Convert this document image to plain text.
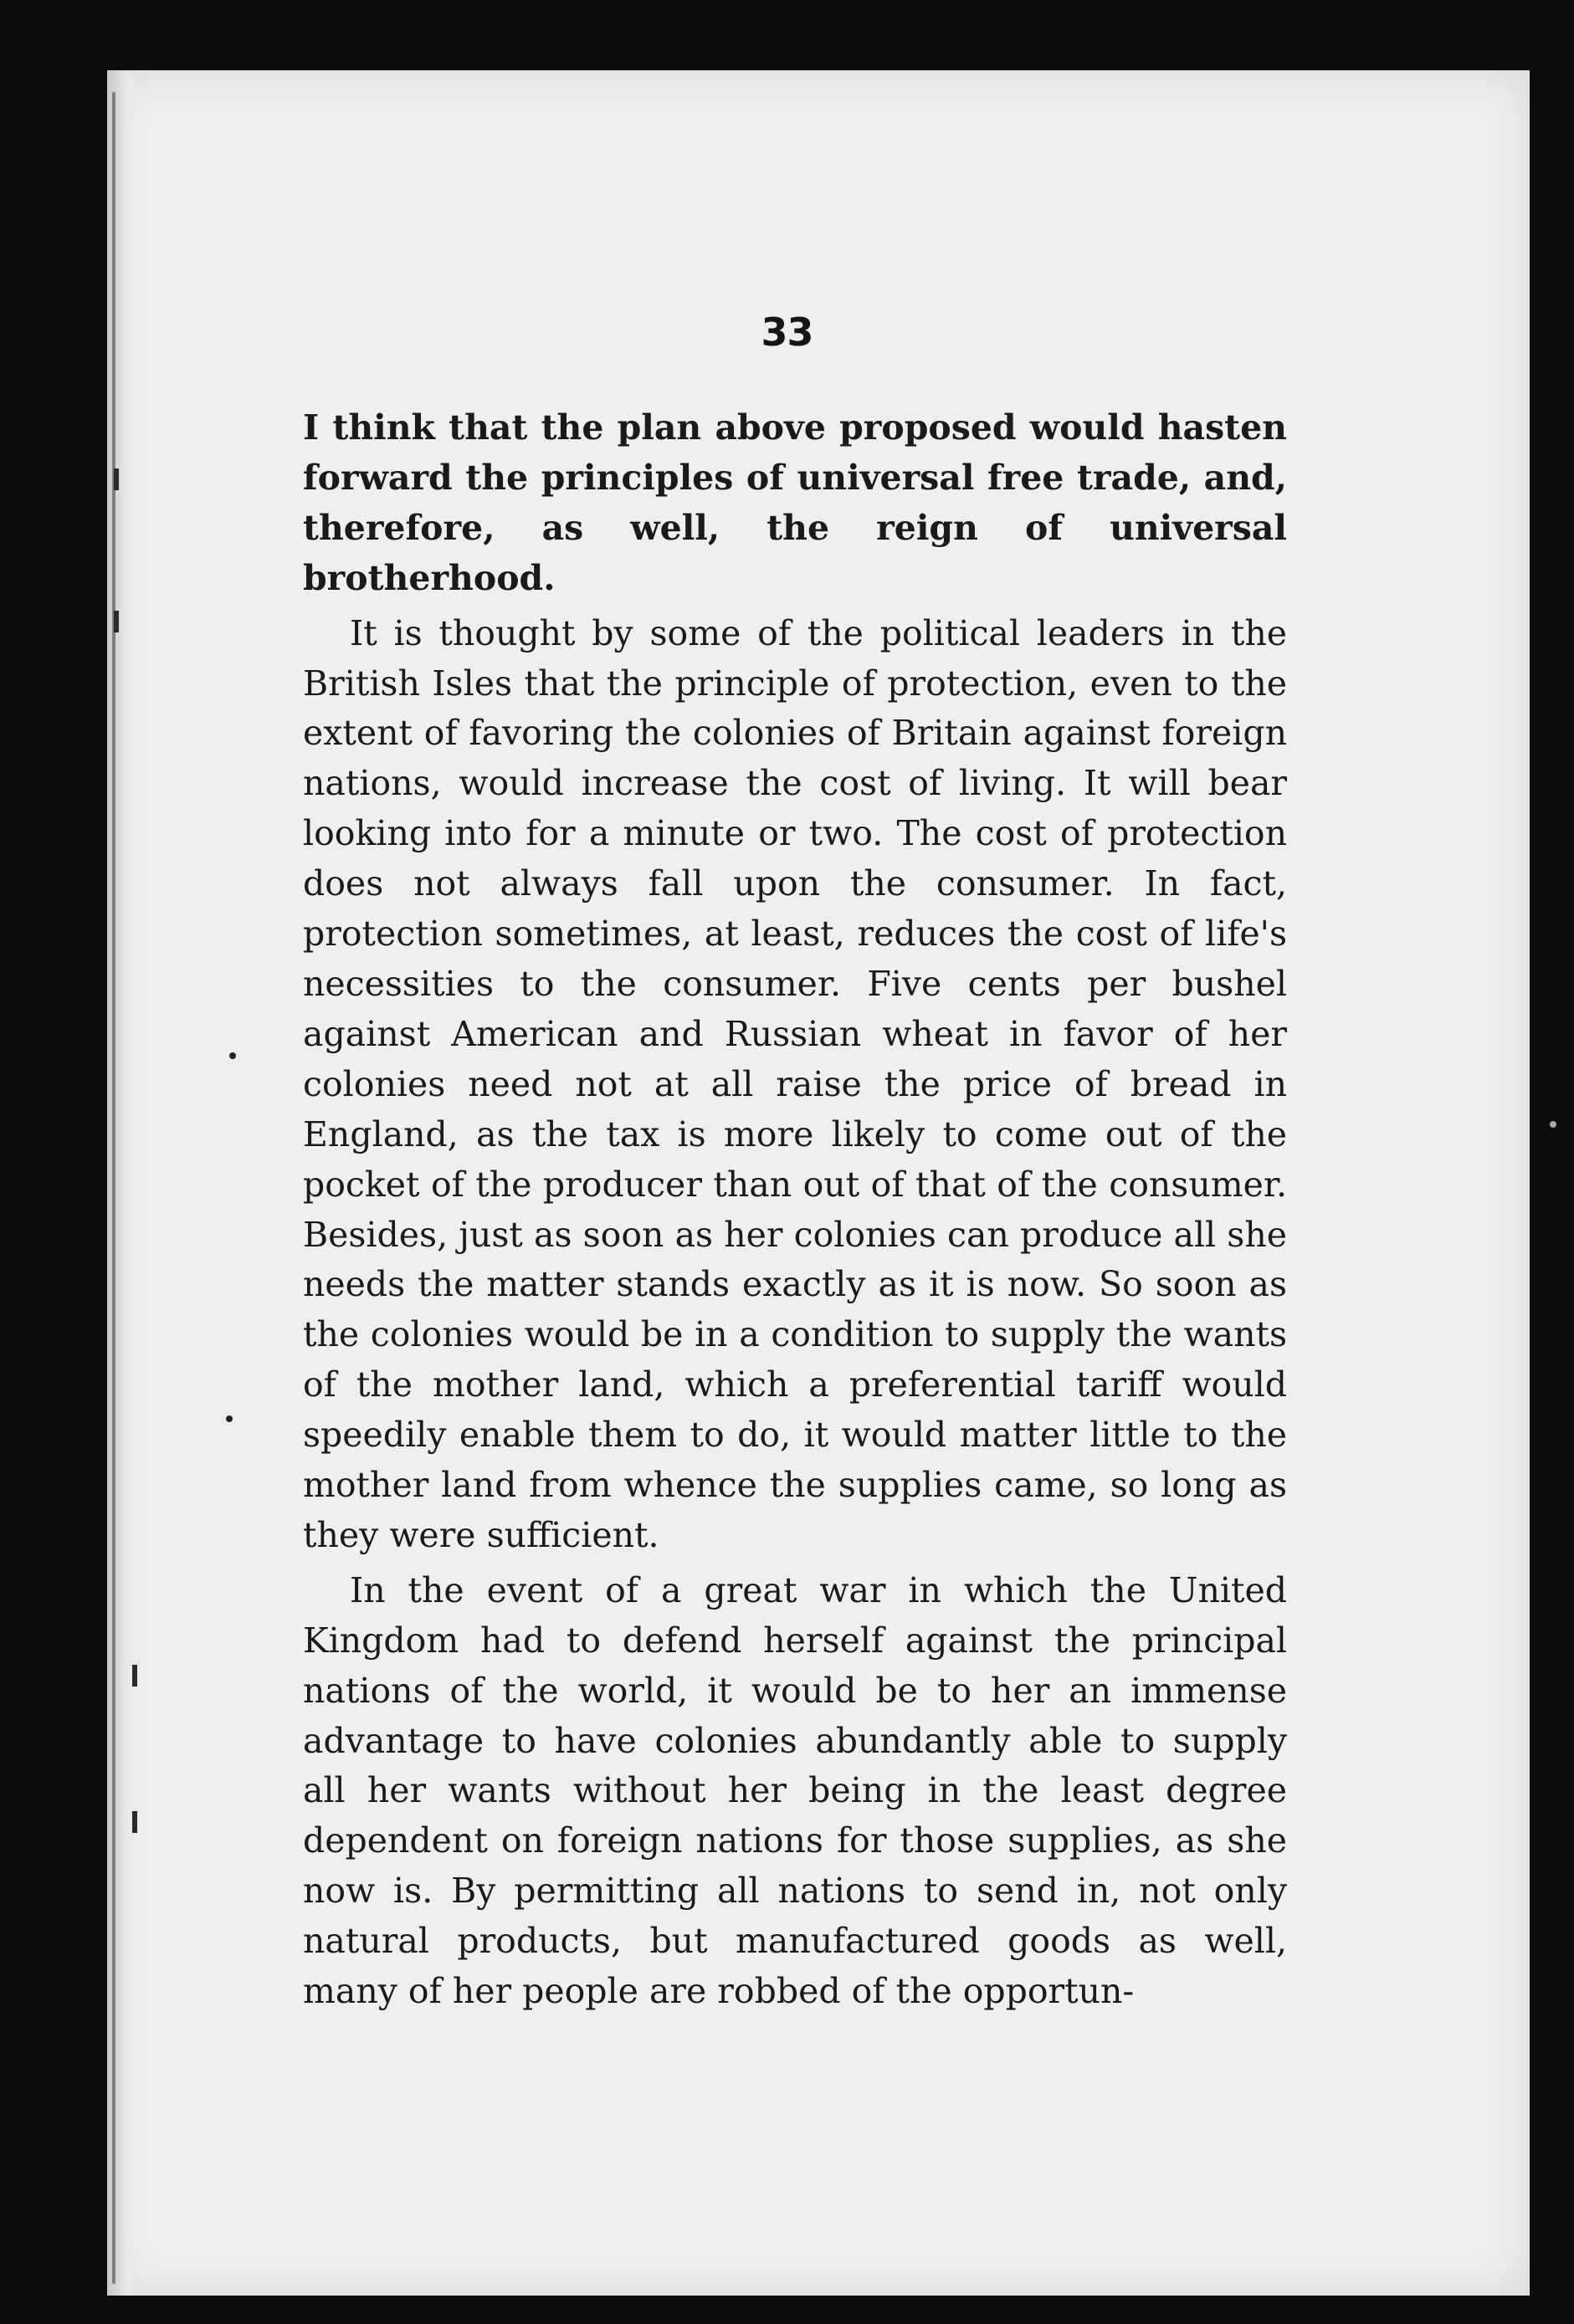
33

I think that the plan above proposed would hasten forward the principles of universal free trade, and, therefore, as well, the reign of universal brotherhood.

It is thought by some of the political leaders in the British Isles that the principle of protection, even to the extent of favoring the colonies of Britain against foreign nations, would increase the cost of living. It will bear looking into for a minute or two. The cost of protection does not always fall upon the consumer. In fact, protection sometimes, at least, reduces the cost of life's necessities to the consumer. Five cents per bushel against American and Russian wheat in favor of her colonies need not at all raise the price of bread in England, as the tax is more likely to come out of the pocket of the producer than out of that of the consumer. Besides, just as soon as her colonies can produce all she needs the matter stands exactly as it is now. So soon as the colonies would be in a condition to supply the wants of the mother land, which a preferential tariff would speedily enable them to do, it would matter little to the mother land from whence the supplies came, so long as they were sufficient.

In the event of a great war in which the United Kingdom had to defend herself against the principal nations of the world, it would be to her an immense advantage to have colonies abundantly able to supply all her wants without her being in the least degree dependent on foreign nations for those supplies, as she now is. By permitting all nations to send in, not only natural products, but manufactured goods as well, many of her people are robbed of the opportun-
